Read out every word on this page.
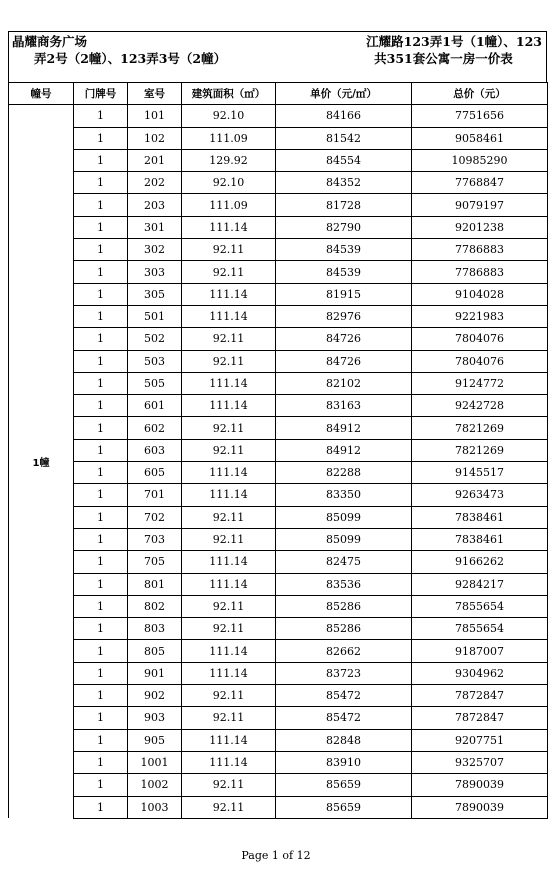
晶耀商务广场
弄2号（2幢）、123弄3号（2幢）
江耀路123弄1号（1幢）、123
共351套公寓一房一价表
幢号	门牌号	室号	建筑面积（㎡）	单价（元/㎡）	总价（元）
1幢	1	101	92.10	84166	7751656
	1	102	111.09	81542	9058461
	1	201	129.92	84554	10985290
	1	202	92.10	84352	7768847
	1	203	111.09	81728	9079197
	1	301	111.14	82790	9201238
	1	302	92.11	84539	7786883
	1	303	92.11	84539	7786883
	1	305	111.14	81915	9104028
	1	501	111.14	82976	9221983
	1	502	92.11	84726	7804076
	1	503	92.11	84726	7804076
	1	505	111.14	82102	9124772
	1	601	111.14	83163	9242728
	1	602	92.11	84912	7821269
	1	603	92.11	84912	7821269
	1	605	111.14	82288	9145517
	1	701	111.14	83350	9263473
	1	702	92.11	85099	7838461
	1	703	92.11	85099	7838461
	1	705	111.14	82475	9166262
	1	801	111.14	83536	9284217
	1	802	92.11	85286	7855654
	1	803	92.11	85286	7855654
	1	805	111.14	82662	9187007
	1	901	111.14	83723	9304962
	1	902	92.11	85472	7872847
	1	903	92.11	85472	7872847
	1	905	111.14	82848	9207751
	1	1001	111.14	83910	9325707
	1	1002	92.11	85659	7890039
	1	1003	92.11	85659	7890039
Page 1 of 12
